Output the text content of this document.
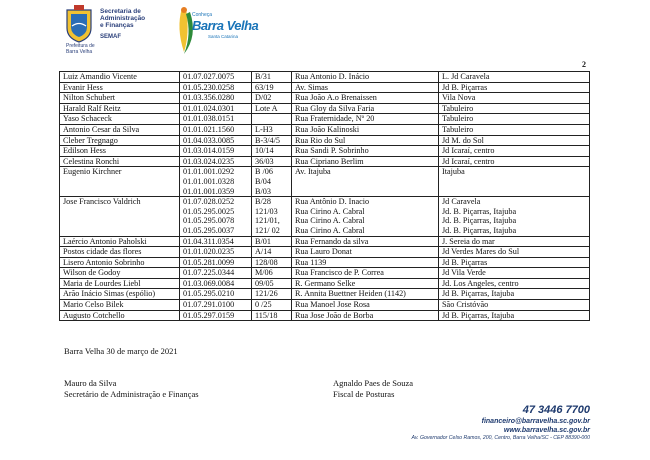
Secretaria de
Administração
e Finanças
SEMAF
Prefeitura de
Barra Velha
Conheça
Barra Velha
Santa Catarina
2
Luiz Amandio Vicente	01.07.027.0075	B/31	Rua Antonio D. Inácio	L. Jd Caravela

Evanir Hess	01.05.230.0258	63/19	Av. Simas	Jd B. Piçarras

Nilton Schubert	01.03.356.0280	D/02	Rua João A.o Brenaissen	Vila Nova

Harald Ralf Reitz	01.01.024.0301	Lote A	Rua Gloy da Silva Faria	Tabuleiro

Yaso Schaceck	01.01.038.0151		Rua Fraternidade, Nº 20	Tabuleiro

Antonio Cesar da Silva	01.01.021.1560	L-H3	Rua João Kalinoski	Tabuleiro

Cleber Tregnago	01.04.033.0085	B-3/4/5	Rua Rio do Sul	Jd M. do Sol

Edilson Hess	01.03.014.0159	10/14	Rua Sandi P. Sobrinho	Jd Icaraí, centro

Celestina Ronchi	01.03.024.0235	36/03	Rua Cipriano Berlim	Jd Icaraí, centro

Eugenio Kirchner	01.01.001.0292
01.01.001.0328
01.01.001.0359	B /06
B/04
B/03	Av. Itajuba	Itajuba

Jose Francisco Valdrich	01.07.028.0252
01.05.295.0025
01.05.295.0078
01.05.295.0037	B/28
121/03
121/01,
121/ 02	Rua Antônio D. Inacio
Rua Cirino A. Cabral
Rua Cirino A. Cabral
Rua Cirino A. Cabral	Jd Caravela
Jd. B. Piçarras, Itajuba
Jd. B. Piçarras, Itajuba
Jd. B. Piçarras, Itajuba

Laércio Antonio Paholski	01.04.311.0354	B/01	Rua Fernando da silva	J. Sereia do mar

Postos cidade das flores	01.01.020.0235	A/14	Rua Lauro Donat	Jd Verdes Mares do Sul

Lisero Antonio Sobrinho	01.05.281.0099	128/08	Rua 1139	Jd B. Piçarras

Wilson de Godoy	01.07.225.0344	M/06	Rua Francisco de P. Correa	Jd Vila Verde

Maria de Lourdes Liebl	01.03.069.0084	09/05	R. Germano Selke	Jd. Los Angeles, centro

Arão Inácio Simas (espólio)	01.05.295.0210	121/26	R. Annita Buettner Heiden (1142)	Jd B. Piçarras, Itajuba

Mario Celso Bilek	01.07.291.0100	0 /25	Rua Manoel Jose Rosa	São Cristóvão

Augusto Cotchello	01.05.297.0159	115/18	Rua Jose João de Borba	Jd B. Piçarras, Itajuba
Barra Velha 30 de março de 2021
Mauro da Silva
Secretário de Administração e Finanças
Agnaldo Paes de Souza
Fiscal de Posturas
47 3446 7700
financeiro@barravelha.sc.gov.br
www.barravelha.sc.gov.br
Av. Governador Celso Ramos, 200, Centro, Barra Velha/SC - CEP 88390-000
